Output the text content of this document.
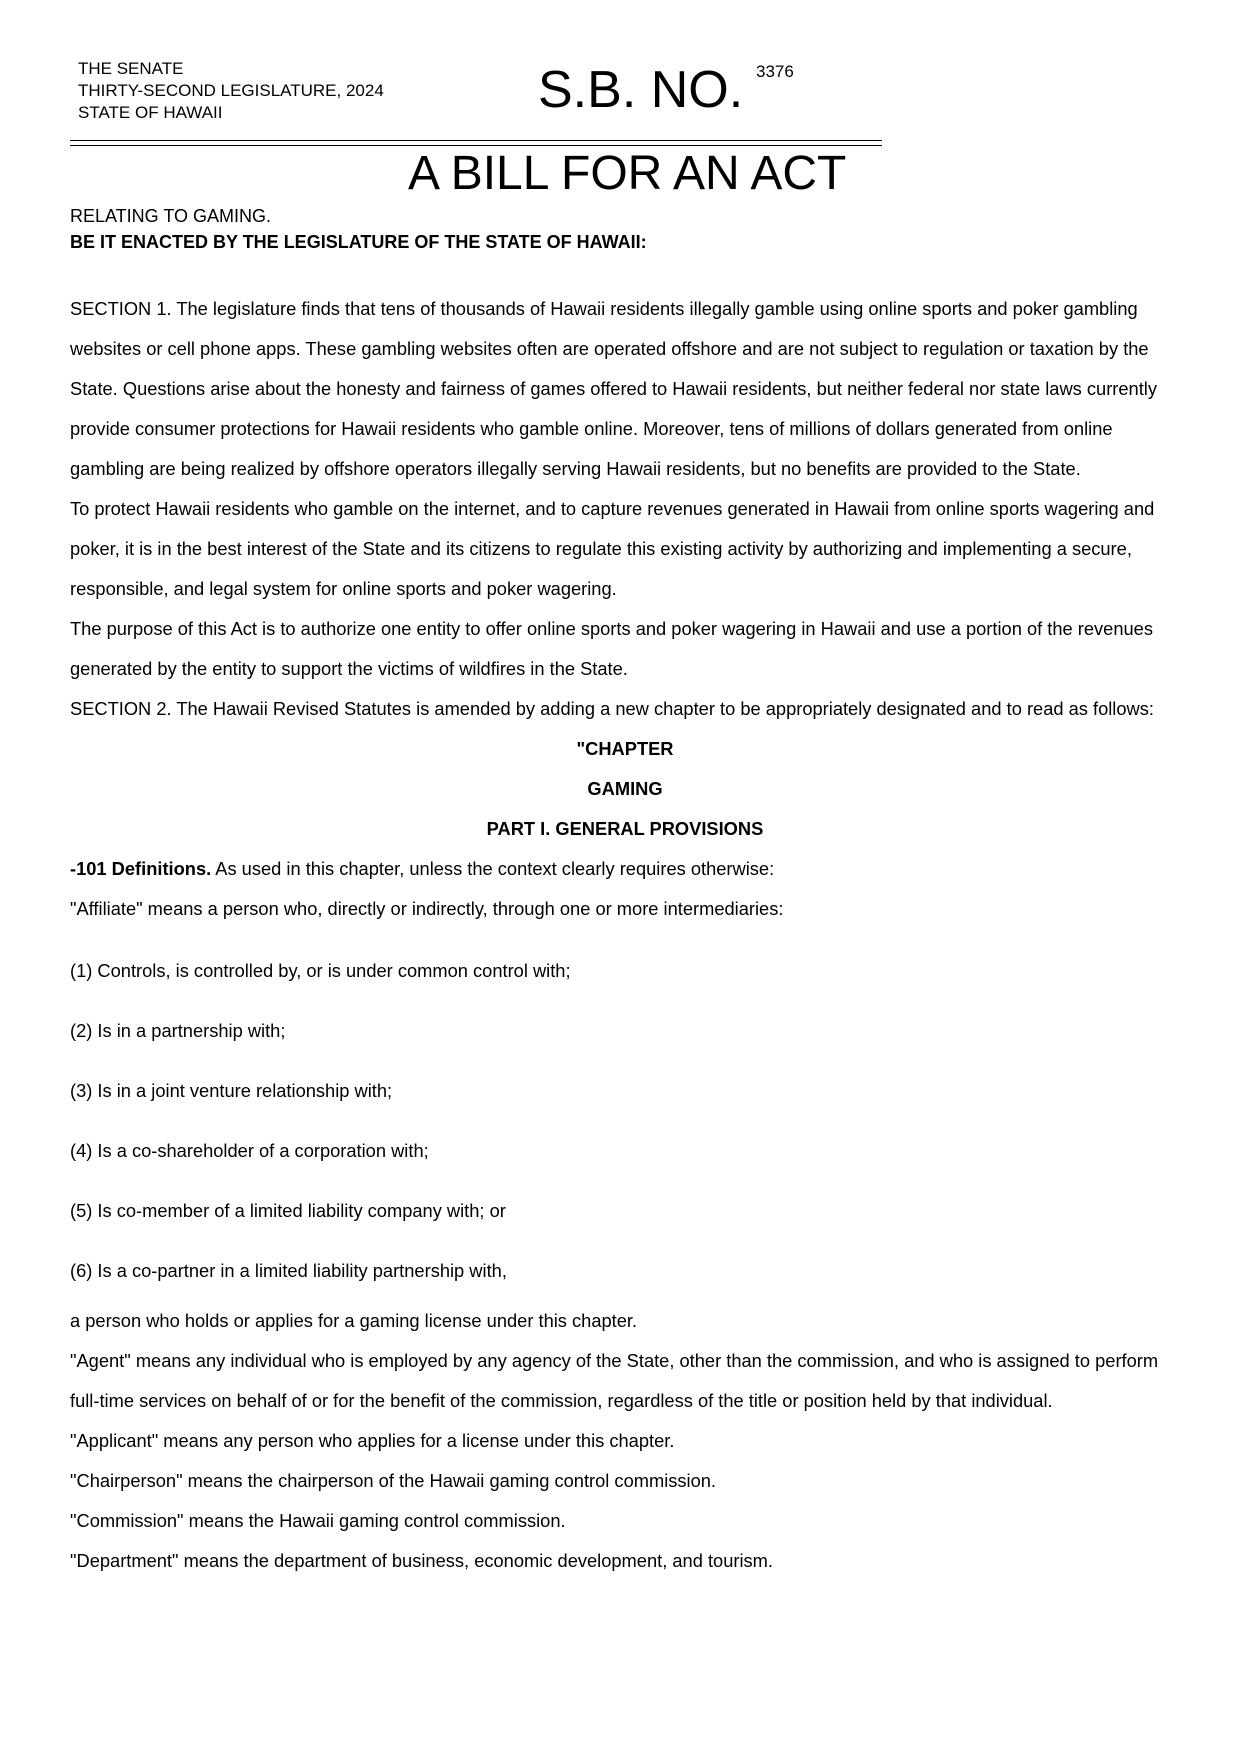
THE SENATE
THIRTY-SECOND LEGISLATURE, 2024
STATE OF HAWAII	S.B. NO. 3376
A BILL FOR AN ACT
RELATING TO GAMING.
BE IT ENACTED BY THE LEGISLATURE OF THE STATE OF HAWAII:

SECTION 1. The legislature finds that tens of thousands of Hawaii residents illegally gamble using online sports and poker gambling websites or cell phone apps. These gambling websites often are operated offshore and are not subject to regulation or taxation by the State. Questions arise about the honesty and fairness of games offered to Hawaii residents, but neither federal nor state laws currently provide consumer protections for Hawaii residents who gamble online. Moreover, tens of millions of dollars generated from online gambling are being realized by offshore operators illegally serving Hawaii residents, but no benefits are provided to the State.

To protect Hawaii residents who gamble on the internet, and to capture revenues generated in Hawaii from online sports wagering and poker, it is in the best interest of the State and its citizens to regulate this existing activity by authorizing and implementing a secure, responsible, and legal system for online sports and poker wagering.

The purpose of this Act is to authorize one entity to offer online sports and poker wagering in Hawaii and use a portion of the revenues generated by the entity to support the victims of wildfires in the State.

SECTION 2. The Hawaii Revised Statutes is amended by adding a new chapter to be appropriately designated and to read as follows:

"CHAPTER

GAMING

PART I. GENERAL PROVISIONS

-101 Definitions. As used in this chapter, unless the context clearly requires otherwise:

"Affiliate" means a person who, directly or indirectly, through one or more intermediaries:

(1) Controls, is controlled by, or is under common control with;

(2) Is in a partnership with;

(3) Is in a joint venture relationship with;

(4) Is a co-shareholder of a corporation with;

(5) Is co-member of a limited liability company with; or

(6) Is a co-partner in a limited liability partnership with,

a person who holds or applies for a gaming license under this chapter.

"Agent" means any individual who is employed by any agency of the State, other than the commission, and who is assigned to perform full-time services on behalf of or for the benefit of the commission, regardless of the title or position held by that individual.

"Applicant" means any person who applies for a license under this chapter.

"Chairperson" means the chairperson of the Hawaii gaming control commission.

"Commission" means the Hawaii gaming control commission.

"Department" means the department of business, economic development, and tourism.
